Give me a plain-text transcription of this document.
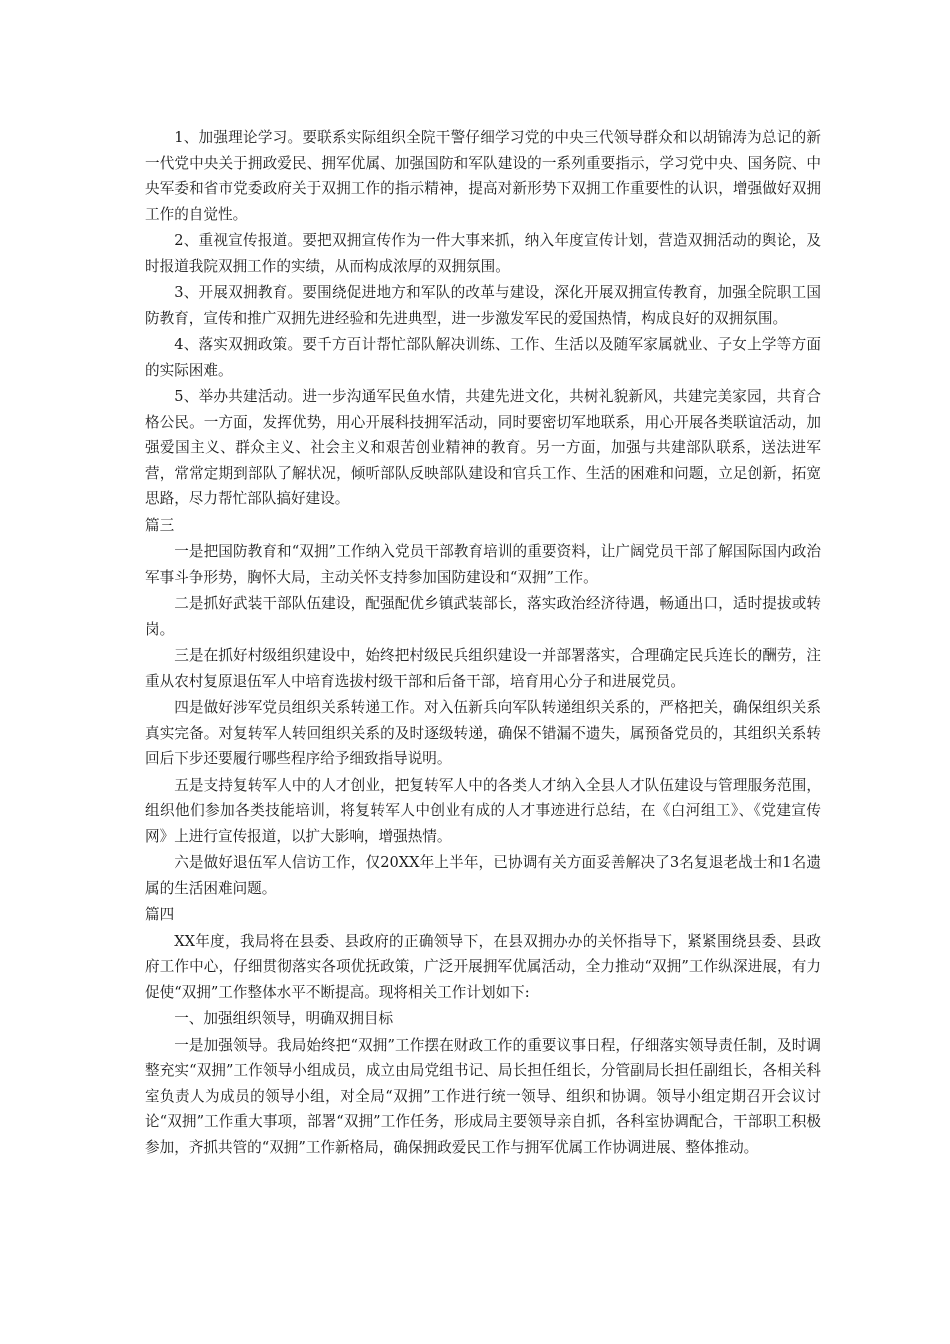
1、加强理论学习。要联系实际组织全院干警仔细学习党的中央三代领导群众和以胡锦涛为总记的新一代党中央关于拥政爱民、拥军优属、加强国防和军队建设的一系列重要指示，学习党中央、国务院、中央军委和省市党委政府关于双拥工作的指示精神，提高对新形势下双拥工作重要性的认识，增强做好双拥工作的自觉性。

2、重视宣传报道。要把双拥宣传作为一件大事来抓，纳入年度宣传计划，营造双拥活动的舆论，及时报道我院双拥工作的实绩，从而构成浓厚的双拥氛围。

3、开展双拥教育。要围绕促进地方和军队的改革与建设，深化开展双拥宣传教育，加强全院职工国防教育，宣传和推广双拥先进经验和先进典型，进一步激发军民的爱国热情，构成良好的双拥氛围。

4、落实双拥政策。要千方百计帮忙部队解决训练、工作、生活以及随军家属就业、子女上学等方面的实际困难。

5、举办共建活动。进一步沟通军民鱼水情，共建先进文化，共树礼貌新风，共建完美家园，共育合格公民。一方面，发挥优势，用心开展科技拥军活动，同时要密切军地联系，用心开展各类联谊活动，加强爱国主义、群众主义、社会主义和艰苦创业精神的教育。另一方面，加强与共建部队联系，送法进军营，常常定期到部队了解状况，倾听部队反映部队建设和官兵工作、生活的困难和问题，立足创新，拓宽思路，尽力帮忙部队搞好建设。

篇三

一是把国防教育和“双拥”工作纳入党员干部教育培训的重要资料，让广阔党员干部了解国际国内政治军事斗争形势，胸怀大局，主动关怀支持参加国防建设和“双拥”工作。

二是抓好武装干部队伍建设，配强配优乡镇武装部长，落实政治经济待遇，畅通出口，适时提拔或转岗。

三是在抓好村级组织建设中，始终把村级民兵组织建设一并部署落实，合理确定民兵连长的酬劳，注重从农村复原退伍军人中培育选拔村级干部和后备干部，培育用心分子和进展党员。

四是做好涉军党员组织关系转递工作。对入伍新兵向军队转递组织关系的，严格把关，确保组织关系真实完备。对复转军人转回组织关系的及时逐级转递，确保不错漏不遗失，属预备党员的，其组织关系转回后下步还要履行哪些程序给予细致指导说明。

五是支持复转军人中的人才创业，把复转军人中的各类人才纳入全县人才队伍建设与管理服务范围，组织他们参加各类技能培训，将复转军人中创业有成的人才事迹进行总结，在《白河组工》、《党建宣传网》上进行宣传报道，以扩大影响，增强热情。

六是做好退伍军人信访工作，仅20XX年上半年，已协调有关方面妥善解决了3名复退老战士和1名遗属的生活困难问题。

篇四

XX年度，我局将在县委、县政府的正确领导下，在县双拥办办的关怀指导下，紧紧围绕县委、县政府工作中心，仔细贯彻落实各项优抚政策，广泛开展拥军优属活动，全力推动“双拥”工作纵深进展，有力促使“双拥”工作整体水平不断提高。现将相关工作计划如下:

一、加强组织领导，明确双拥目标

一是加强领导。我局始终把“双拥”工作摆在财政工作的重要议事日程，仔细落实领导责任制，及时调整充实“双拥”工作领导小组成员，成立由局党组书记、局长担任组长，分管副局长担任副组长，各相关科室负责人为成员的领导小组，对全局“双拥”工作进行统一领导、组织和协调。领导小组定期召开会议讨论“双拥”工作重大事项，部署“双拥”工作任务，形成局主要领导亲自抓，各科室协调配合，干部职工积极参加，齐抓共管的“双拥”工作新格局，确保拥政爱民工作与拥军优属工作协调进展、整体推动。
